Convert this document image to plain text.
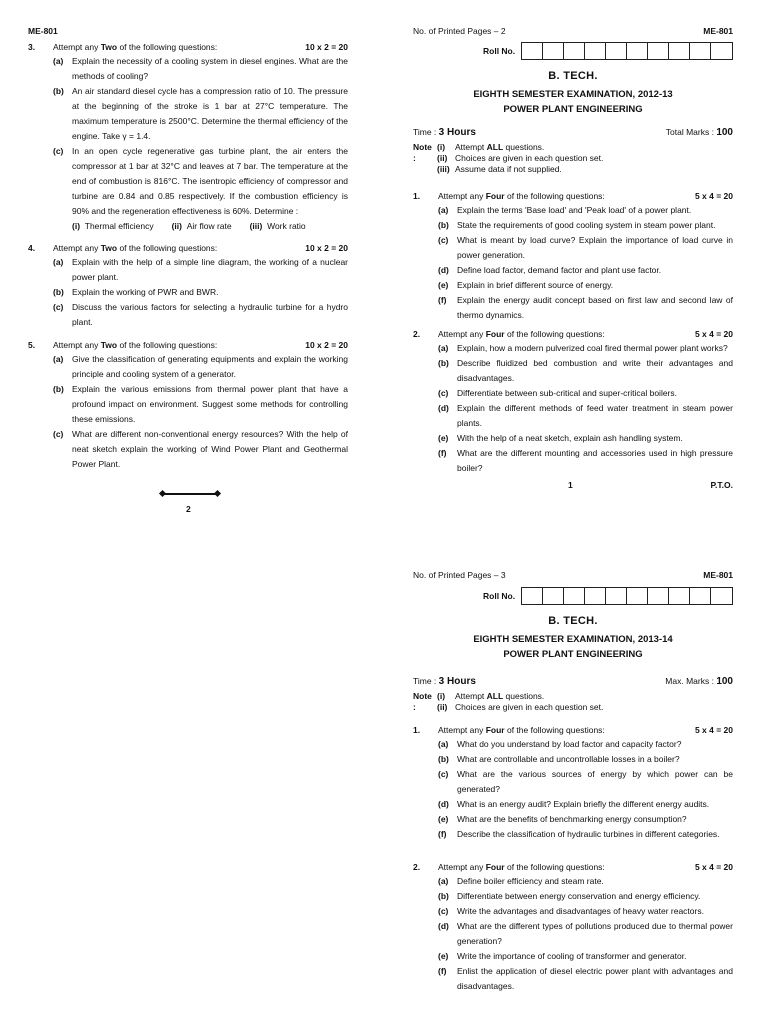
ME-801
3. Attempt any Two of the following questions:	10 x 2 = 20
(a)	Explain the necessity of a cooling system in diesel engines. What are the methods of cooling?
(b) An air standard diesel cycle has a compression ratio of 10. The pressure at the beginning of the stroke is 1 bar at 27°C temperature. The maximum temperature is 2500°C. Determine the thermal efficiency of the engine. Take γ = 1.4.
(c)	In an open cycle regenerative gas turbine plant, the air enters the compressor at 1 bar at 32°C and leaves at 7 bar. The temperature at the end of combustion is 816°C. The isentropic efficiency of compressor and turbine are 0.84 and 0.85 respectively. If the combustion efficiency is 90% and the regeneration effectiveness is 60%. Determine :
(i) Thermal efficiency (ii) Air flow rate (iii) Work ratio
4. Attempt any Two of the following questions:	10 x 2 = 20
(a)	Explain with the help of a simple line diagram, the working of a nuclear power plant.
(b) Explain the working of PWR and BWR.
(c)	Discuss the various factors for selecting a hydraulic turbine for a hydro plant.
5. Attempt any Two of the following questions:	10 x 2 = 20
(a)	Give the classification of generating equipments and explain the working principle and cooling system of a generator.
(b) Explain the various emissions from thermal power plant that have a profound impact on environment. Suggest some methods for controlling these emissions.
(c)	What are different non-conventional energy resources? With the help of neat sketch explain the working of Wind Power Plant and Geothermal Power Plant.
2
No. of Printed Pages – 2	ME-801
Roll No.
B. TECH.
EIGHTH SEMESTER EXAMINATION, 2012-13
POWER PLANT ENGINEERING
Time : 3 Hours	Total Marks : 100
Note :
(i) Attempt ALL questions.
(ii) Choices are given in each question set.
(iii) Assume data if not supplied.
1. Attempt any Four of the following questions:	5 x 4 = 20
(a)	Explain the terms 'Base load' and 'Peak load' of a power plant.
(b) State the requirements of good cooling system in steam power plant.
(c)	What is meant by load curve? Explain the importance of load curve in power generation.
(d) Define load factor, demand factor and plant use factor.
(e)	Explain in brief different source of energy.
(f)	Explain the energy audit concept based on first law and second law of thermo dynamics.
2. Attempt any Four of the following questions:	5 x 4 = 20
(a)	Explain, how a modern pulverized coal fired thermal power plant works?
(b) Describe fluidized bed combustion and write their advantages and disadvantages.
(c)	Differentiate between sub-critical and super-critical boilers.
(d) Explain the different methods of feed water treatment in steam power plants.
(e)	With the help of a neat sketch, explain ash handling system.
(f)	What are the different mounting and accessories used in high pressure boiler?
1	P.T.O.
No. of Printed Pages – 3	ME-801
Roll No.
B. TECH.
EIGHTH SEMESTER EXAMINATION, 2013-14
POWER PLANT ENGINEERING
Time : 3 Hours	Max. Marks : 100
Note :
(i) Attempt ALL questions.
(ii) Choices are given in each question set.
1. Attempt any Four of the following questions:	5 x 4 = 20
(a)	What do you understand by load factor and capacity factor?
(b) What are controllable and uncontrollable losses in a boiler?
(c)	What are the various sources of energy by which power can be generated?
(d) What is an energy audit? Explain briefly the different energy audits.
(e)	What are the benefits of benchmarking energy consumption?
(f)	Describe the classification of hydraulic turbines in different categories.
2. Attempt any Four of the following questions:	5 x 4 = 20
(a)	Define boiler efficiency and steam rate.
(b) Differentiate between energy conservation and energy efficiency.
(c)	Write the advantages and disadvantages of heavy water reactors.
(d) What are the different types of pollutions produced due to thermal power generation?
(e)	Write the importance of cooling of transformer and generator.
(f)	Enlist the application of diesel electric power plant with advantages and disadvantages.
